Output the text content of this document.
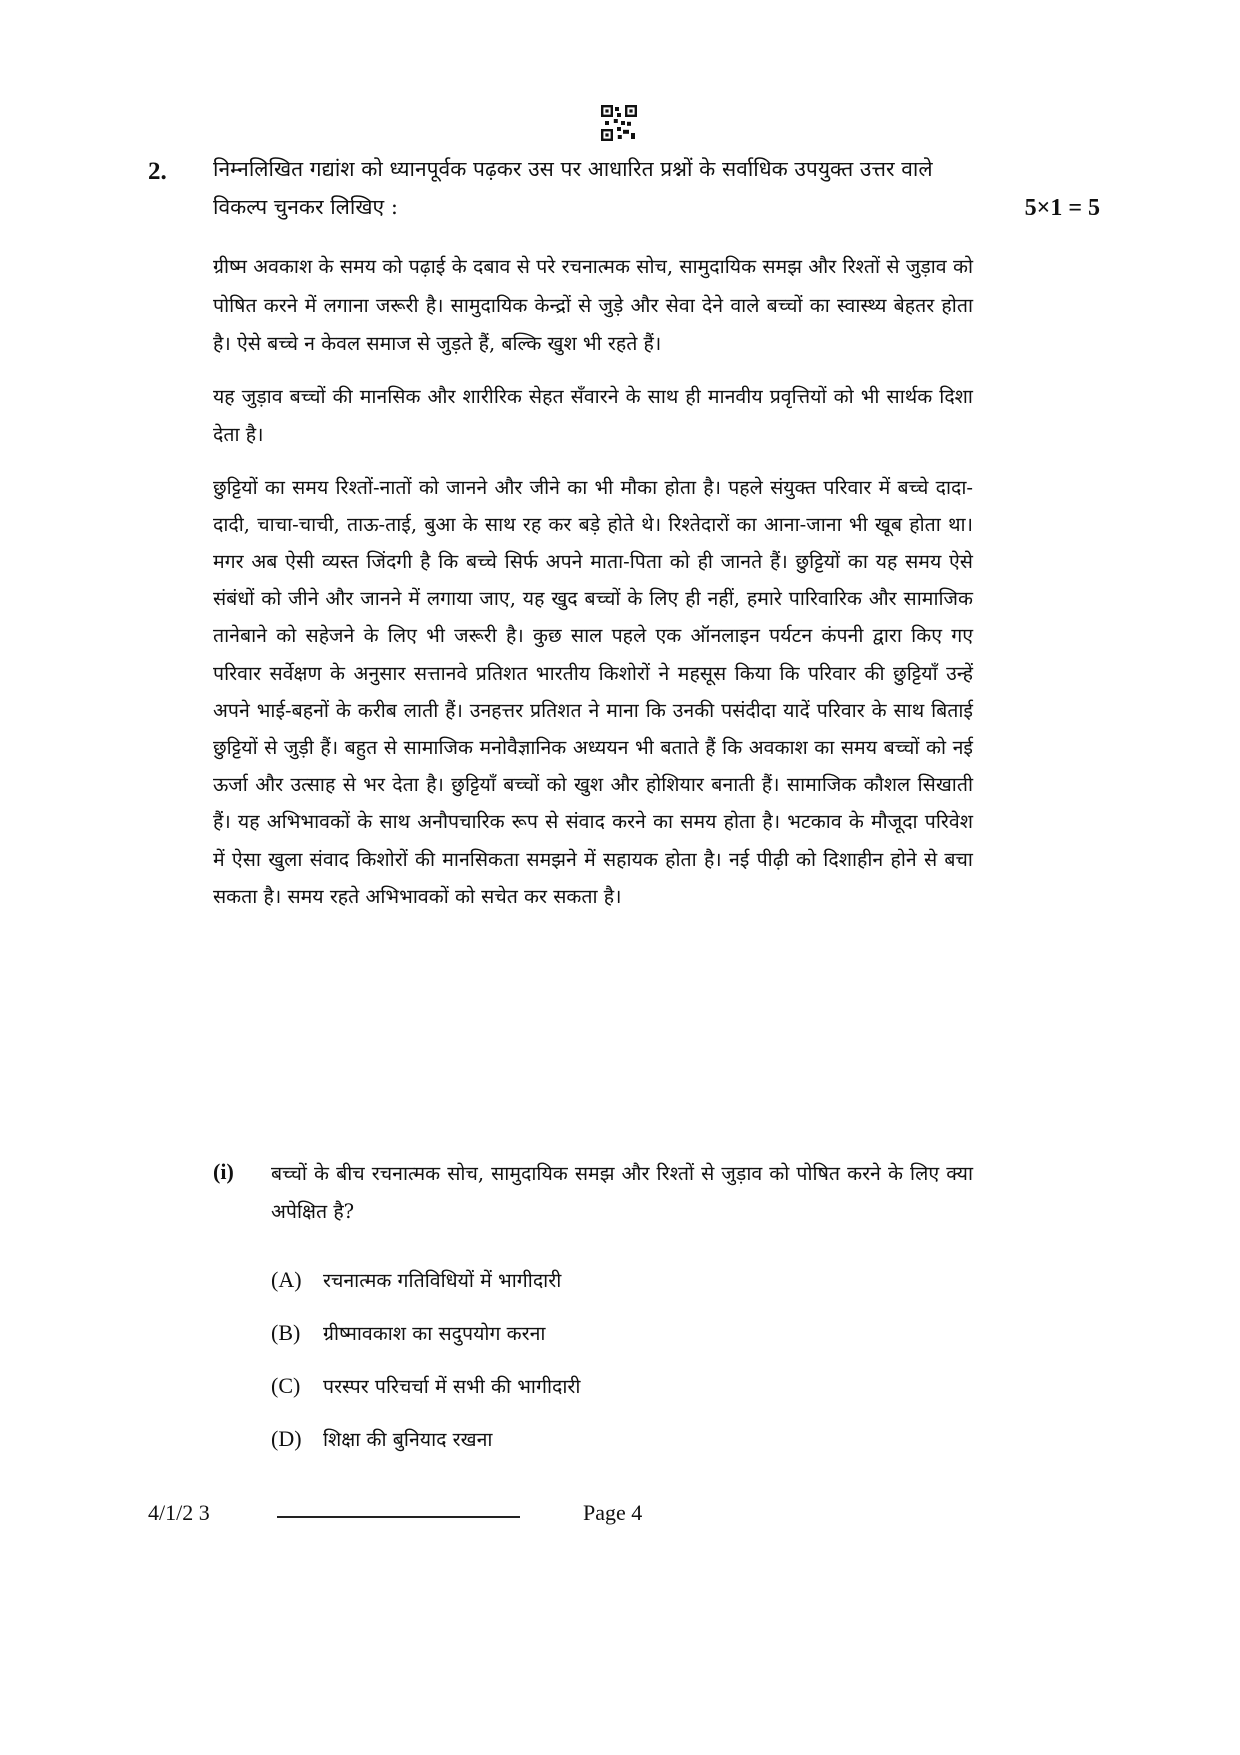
2. निम्नलिखित गद्यांश को ध्यानपूर्वक पढ़कर उस पर आधारित प्रश्नों के सर्वाधिक उपयुक्त उत्तर वाले विकल्प चुनकर लिखिए :	5×1 = 5

ग्रीष्म अवकाश के समय को पढ़ाई के दबाव से परे रचनात्मक सोच, सामुदायिक समझ और रिश्तों से जुड़ाव को पोषित करने में लगाना जरूरी है। सामुदायिक केन्द्रों से जुड़े और सेवा देने वाले बच्चों का स्वास्थ्य बेहतर होता है। ऐसे बच्चे न केवल समाज से जुड़ते हैं, बल्कि खुश भी रहते हैं।

यह जुड़ाव बच्चों की मानसिक और शारीरिक सेहत सँवारने के साथ ही मानवीय प्रवृत्तियों को भी सार्थक दिशा देता है।

छुट्टियों का समय रिश्तों-नातों को जानने और जीने का भी मौका होता है। पहले संयुक्त परिवार में बच्चे दादा-दादी, चाचा-चाची, ताऊ-ताई, बुआ के साथ रह कर बड़े होते थे। रिश्तेदारों का आना-जाना भी खूब होता था। मगर अब ऐसी व्यस्त जिंदगी है कि बच्चे सिर्फ अपने माता-पिता को ही जानते हैं। छुट्टियों का यह समय ऐसे संबंधों को जीने और जानने में लगाया जाए, यह खुद बच्चों के लिए ही नहीं, हमारे पारिवारिक और सामाजिक तानेबाने को सहेजने के लिए भी जरूरी है। कुछ साल पहले एक ऑनलाइन पर्यटन कंपनी द्वारा किए गए परिवार सर्वेक्षण के अनुसार सत्तानवे प्रतिशत भारतीय किशोरों ने महसूस किया कि परिवार की छुट्टियाँ उन्हें अपने भाई-बहनों के करीब लाती हैं। उनहत्तर प्रतिशत ने माना कि उनकी पसंदीदा यादें परिवार के साथ बिताई छुट्टियों से जुड़ी हैं। बहुत से सामाजिक मनोवैज्ञानिक अध्ययन भी बताते हैं कि अवकाश का समय बच्चों को नई ऊर्जा और उत्साह से भर देता है। छुट्टियाँ बच्चों को खुश और होशियार बनाती हैं। सामाजिक कौशल सिखाती हैं। यह अभिभावकों के साथ अनौपचारिक रूप से संवाद करने का समय होता है। भटकाव के मौजूदा परिवेश में ऐसा खुला संवाद किशोरों की मानसिकता समझने में सहायक होता है। नई पीढ़ी को दिशाहीन होने से बचा सकता है। समय रहते अभिभावकों को सचेत कर सकता है।

(i) बच्चों के बीच रचनात्मक सोच, सामुदायिक समझ और रिश्तों से जुड़ाव को पोषित करने के लिए क्या अपेक्षित है?
(A) रचनात्मक गतिविधियों में भागीदारी
(B) ग्रीष्मावकाश का सदुपयोग करना
(C) परस्पर परिचर्चा में सभी की भागीदारी
(D) शिक्षा की बुनियाद रखना
4/1/2 3	Page 4
